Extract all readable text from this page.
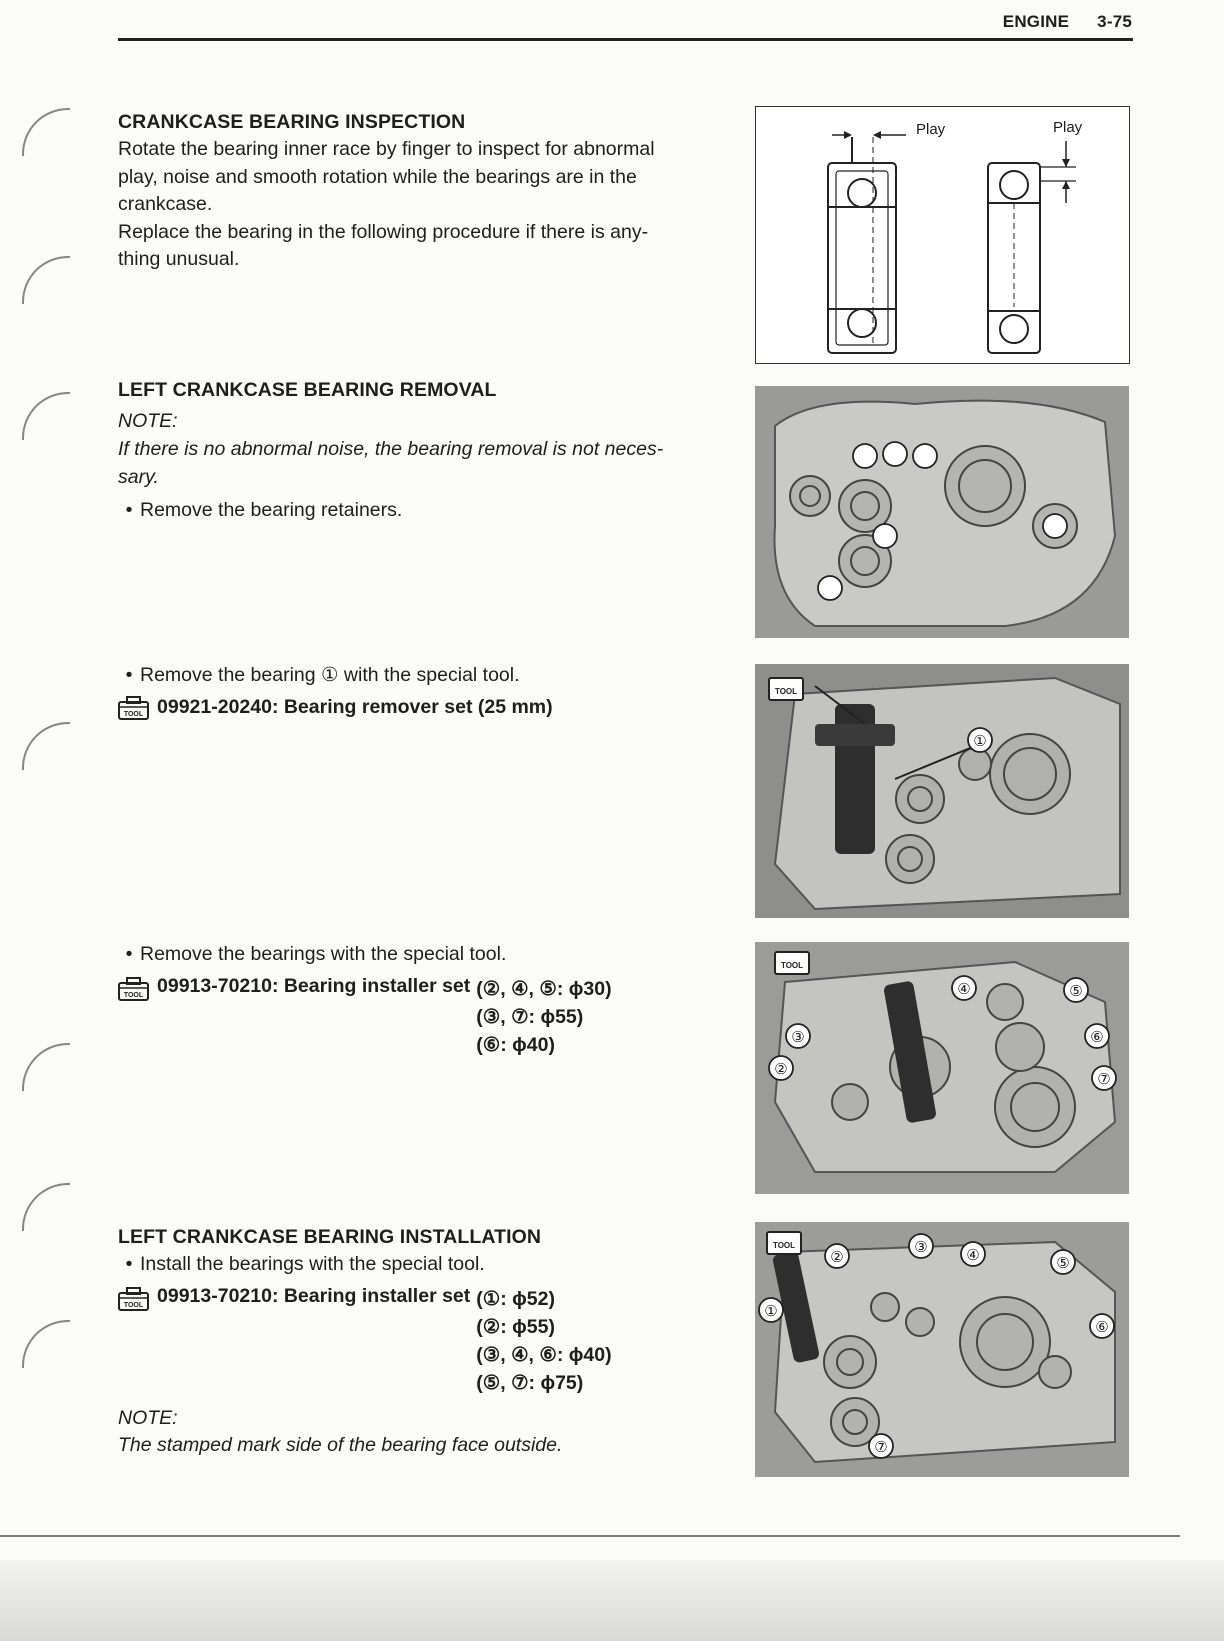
ENGINE 3-75
CRANKCASE BEARING INSPECTION

Rotate the bearing inner race by finger to inspect for abnormal

play, noise and smooth rotation while the bearings are in the

crankcase.

Replace the bearing in the following procedure if there is any-

thing unusual.

Play	Play
LEFT CRANKCASE BEARING REMOVAL
NOTE:

If there is no abnormal noise, the bearing removal is not neces-

sary.

• Remove the bearing retainers.

• Remove the bearing ① with the special tool.

TOOL 09921-20240: Bearing remover set (25 mm)

• Remove the bearings with the special tool.

TOOL 09913-70210: Bearing installer set (②, ④, ⑤: ϕ30)
(③, ⑦: ϕ55)
(⑥: ϕ40)
LEFT CRANKCASE BEARING INSTALLATION

• Install the bearings with the special tool.

TOOL 09913-70210: Bearing installer set (①: ϕ52)
(②: ϕ55)
(③, ④, ⑥: ϕ40)
(⑤, ⑦: ϕ75)
NOTE:

The stamped mark side of the bearing face outside.

TOOL
①
TOOL
②
③
④	⑤
⑥
⑦
TOOL
①
②
③	④	⑤
⑥
⑦
